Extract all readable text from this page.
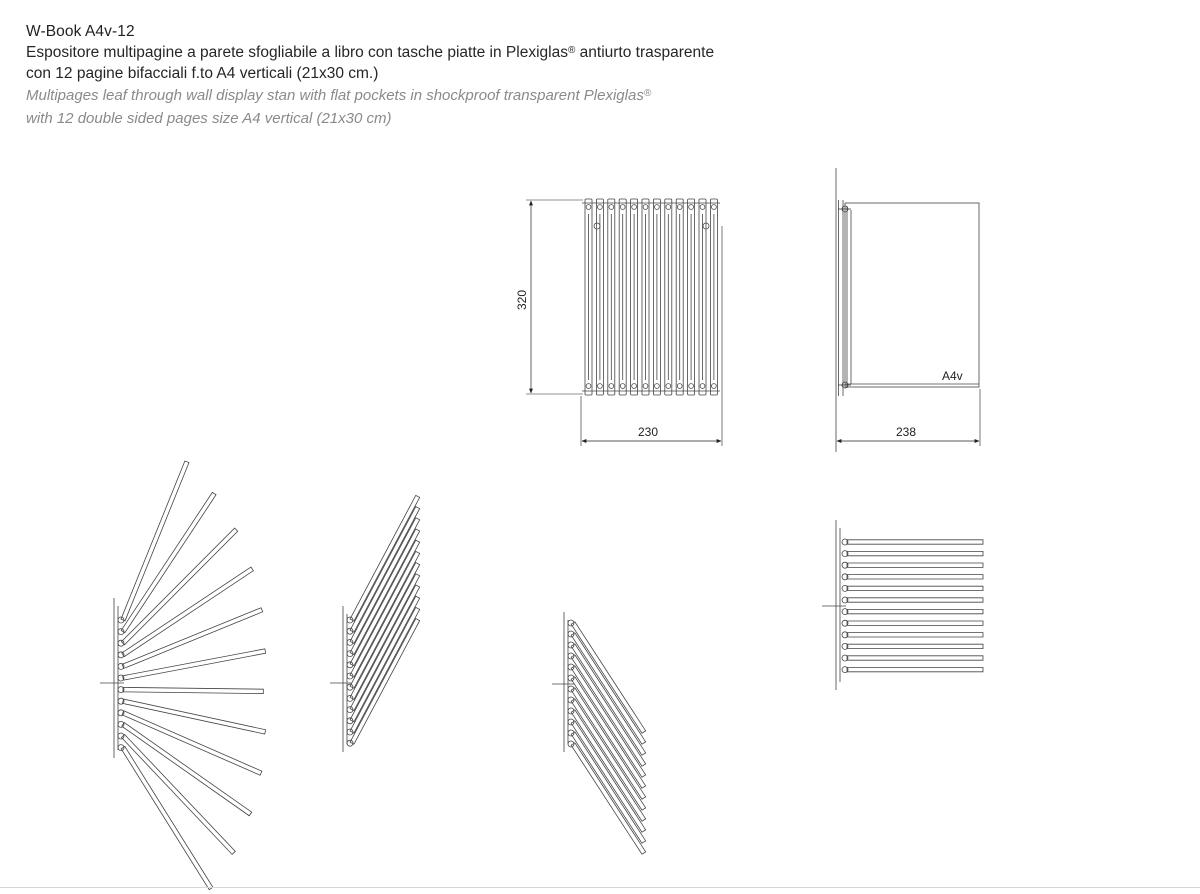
W-Book A4v-12
Espositore multipagine a parete sfogliabile a libro con tasche piatte in Plexiglas® antiurto trasparente
con 12 pagine bifacciali f.to A4 verticali (21x30 cm.)
Multipages leaf through wall display stan with flat pockets in shockproof transparent Plexiglas®
with 12 double sided pages size A4 vertical (21x30 cm)
320
230	238
A4v
